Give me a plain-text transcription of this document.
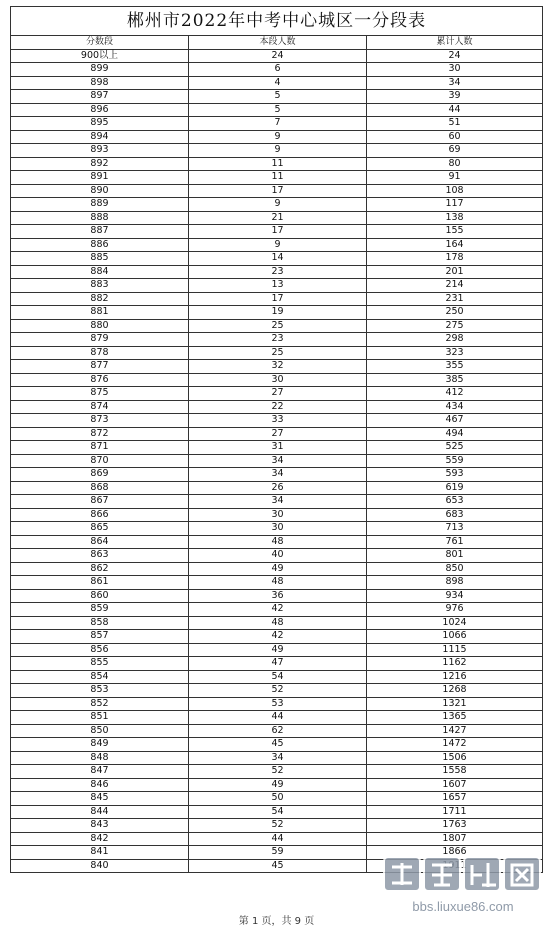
郴州市2022年中考中心城区一分段表		
分数段	本段人数	累计人数
900以上	24	24
899	6	30
898	4	34
897	5	39
896	5	44
895	7	51
894	9	60
893	9	69
892	11	80
891	11	91
890	17	108
889	9	117
888	21	138
887	17	155
886	9	164
885	14	178
884	23	201
883	13	214
882	17	231
881	19	250
880	25	275
879	23	298
878	25	323
877	32	355
876	30	385
875	27	412
874	22	434
873	33	467
872	27	494
871	31	525
870	34	559
869	34	593
868	26	619
867	34	653
866	30	683
865	30	713
864	48	761
863	40	801
862	49	850
861	48	898
860	36	934
859	42	976
858	48	1024
857	42	1066
856	49	1115
855	47	1162
854	54	1216
853	52	1268
852	53	1321
851	44	1365
850	62	1427
849	45	1472
848	34	1506
847	52	1558
846	49	1607
845	50	1657
844	54	1711
843	52	1763
842	44	1807
841	59	1866
840	45	
第 1 页，共 9 页
bbs.liuxue86.com
